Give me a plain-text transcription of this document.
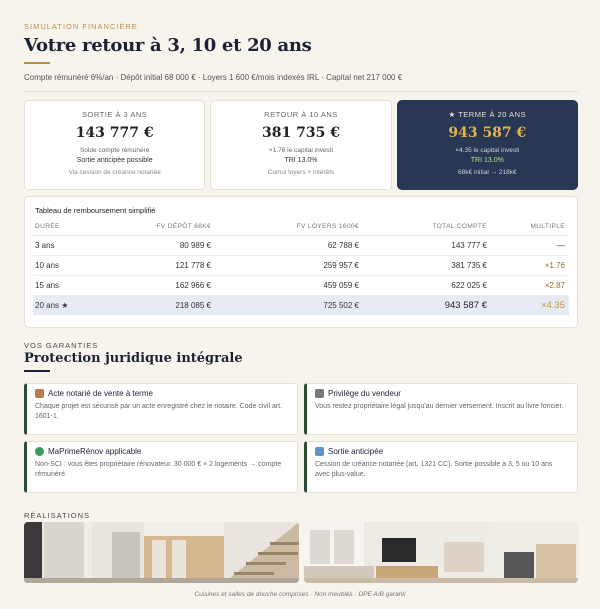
SIMULATION FINANCIÈRE
Votre retour à 3, 10 et 20 ans
Compte rémunéré 6%/an · Dépôt initial 68 000 € · Loyers 1 600 €/mois indexés IRL · Capital net 217 000 €
SORTIE À 3 ANS
143 777 €
Solde compte rémunéré
Sortie anticipée possible
Via cession de créance notariée
RETOUR À 10 ANS
381 735 €
×1.76 le capital investi
TRI 13.0%
Cumul loyers + intérêts
★ TERME À 20 ANS
943 587 €
×4.35 le capital investi
TRI 13.0%
68k€ initial → 218k€
Tableau de remboursement simplifié
DURÉE	FV DÉPÔT 68K€	FV LOYERS 1600€	TOTAL COMPTE	MULTIPLE
3 ans	80 989 €	62 788 €	143 777 €	—
10 ans	121 778 €	259 957 €	381 735 €	×1.76
15 ans	162 966 €	459 059 €	622 025 €	×2.87
20 ans ★	218 085 €	725 502 €	943 587 €	×4.35
VOS GARANTIES
Protection juridique intégrale
Acte notarié de vente à terme
Chaque projet est sécurisé par un acte enregistré chez le notaire. Code civil art. 1601-1.
Privilège du vendeur
Vous restez propriétaire légal jusqu'au dernier versement. Inscrit au livre foncier.
MaPrimeRénov applicable
Non-SCI : vous êtes propriétaire rénovateur. 30 000 € × 2 logements → compte rémunéré.
Sortie anticipée
Cession de créance notariée (art. 1321 CC). Sortie possible à 3, 5 ou 10 ans avec plus-value.
RÉALISATIONS
Cuisines et salles de douche comprises · Non meublés · DPE A/B garanti
